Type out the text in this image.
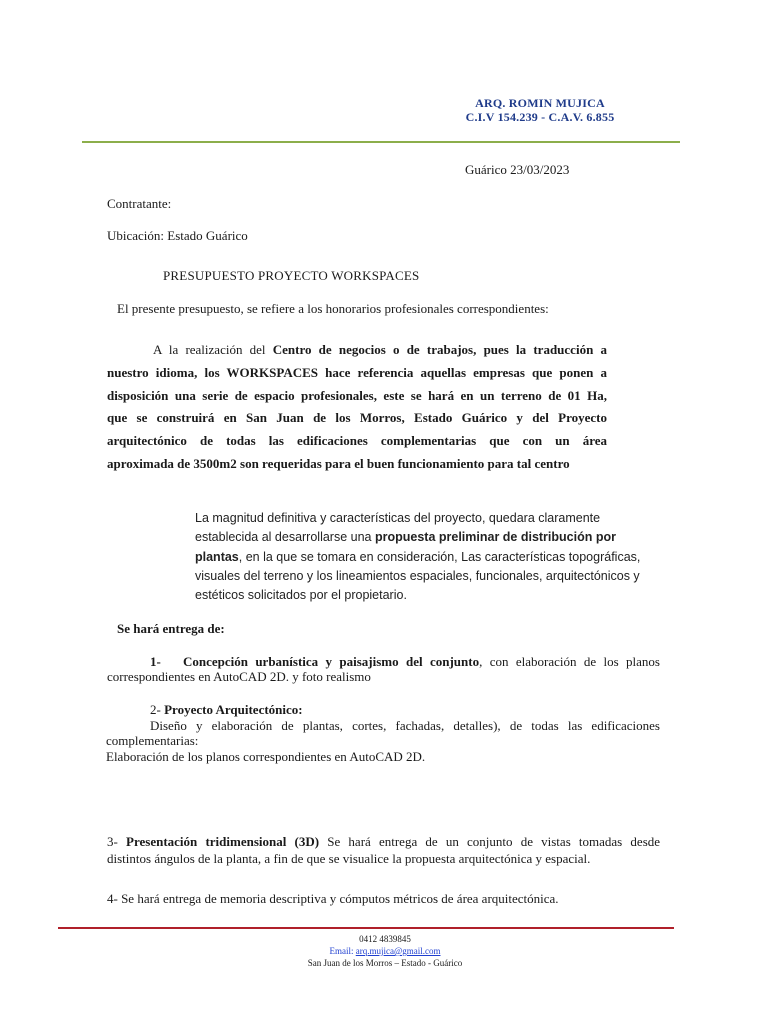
ARQ. ROMIN MUJICA
C.I.V 154.239 - C.A.V. 6.855
Guárico 23/03/2023
Contratante:
Ubicación: Estado Guárico
PRESUPUESTO PROYECTO WORKSPACES
El presente presupuesto, se refiere a los honorarios profesionales correspondientes:
A la realización del Centro de negocios o de trabajos, pues la traducción a
nuestro idioma, los WORKSPACES hace referencia aquellas empresas que ponen a
disposición una serie de espacio profesionales, este se hará en un terreno de 01 Ha,
que se construirá en San Juan de los Morros, Estado Guárico y del Proyecto
arquitectónico de todas las edificaciones complementarias que con un área
aproximada de 3500m2 son requeridas para el buen funcionamiento para tal centro
La magnitud definitiva y características del proyecto, quedara claramente
establecida al desarrollarse una propuesta preliminar de distribución por
plantas, en la que se tomara en consideración, Las características topográficas,
visuales del terreno y los lineamientos espaciales, funcionales, arquitectónicos y
estéticos solicitados por el propietario.
Se hará entrega de:
1- Concepción urbanística y paisajismo del conjunto, con elaboración de los planos
correspondientes en AutoCAD 2D. y foto realismo
2- Proyecto Arquitectónico:
Diseño y elaboración de plantas, cortes, fachadas, detalles), de todas las edificaciones
complementarias:
Elaboración de los planos correspondientes en AutoCAD 2D.
3- Presentación tridimensional (3D) Se hará entrega de un conjunto de vistas tomadas desde
distintos ángulos de la planta, a fin de que se visualice la propuesta arquitectónica y espacial.
4- Se hará entrega de memoria descriptiva y cómputos métricos de área arquitectónica.
0412 4839845
Email: arq.mujica@gmail.com
San Juan de los Morros – Estado - Guárico
